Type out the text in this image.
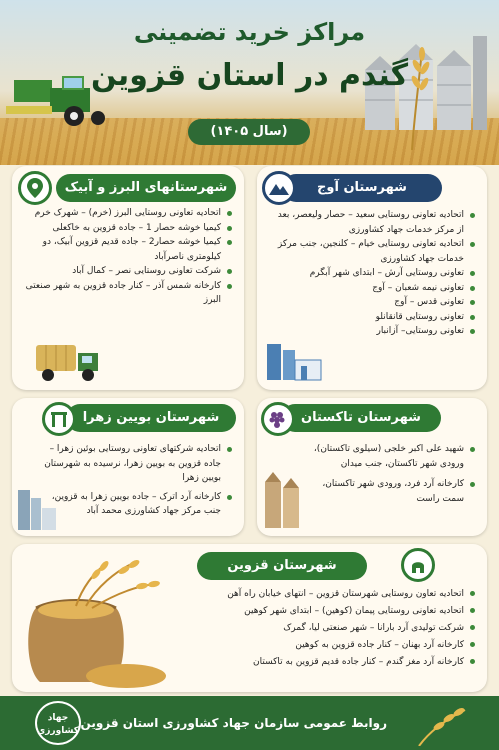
مراکز خرید تضمینی
گندم در استان قزوین
(سال ۱۴۰۵)
شهرستان آوج
اتحادیه تعاونی روستایی سعید – حصار ولیعصر، بعد از مرکز خدمات جهاد کشاورزی
اتحادیه تعاونی روستایی خیام – کلنجین، جنب مرکز خدمات جهاد کشاورزی
تعاونی روستایی آرش – ابتدای شهر آبگرم
تعاونی نیمه شعبان – آوج
تعاونی قدس – آوج
تعاونی روستایی قانقانلو
تعاونی روستایی– آزانبار
شهرستانهای البرز و آبیک
اتحادیه تعاونی روستایی البرز (خرم) – شهرک خرم
کیمیا خوشه حصار 1 – جاده قزوین به خاکعلی
کیمیا خوشه حصار2 – جاده قدیم قزوین آبیک، دو کیلومتری ناصرآباد
شرکت تعاونی روستایی نصر – کمال آباد
کارخانه شمس آذر – کنار جاده قزوین به شهر صنعتی البرز
شهرستان تاکستان
شهید علی اکبر خلجی (سیلوی تاکستان)، ورودی شهر تاکستان، جنب میدان
کارخانه آرد فرد، ورودی شهر تاکستان، سمت راست
شهرستان بویین زهرا
اتحادیه شرکتهای تعاونی روستایی بوئین زهرا – جاده قزوین به بویین زهرا، نرسیده به شهرستان بویین زهرا
کارخانه آرد اترک – جاده بویین زهرا به قزوین، جنب مرکز جهاد کشاورزی محمد آباد
شهرستان قزوین
اتحادیه تعاون روستایی شهرستان قزوین – انتهای خیابان راه آهن
اتحادیه تعاونی روستایی پیمان (کوهین) – ابتدای شهر کوهین
شرکت تولیدی آرد بارانا – شهر صنعتی لیا، گمرک
کارخانه آرد بهنان – کنار جاده قزوین به کوهین
کارخانه آرد مغز گندم – کنار جاده قدیم قزوین به تاکستان
روابط عمومی سازمان جهاد کشاورزی استان قزوین
جهاد
کشاورزی
